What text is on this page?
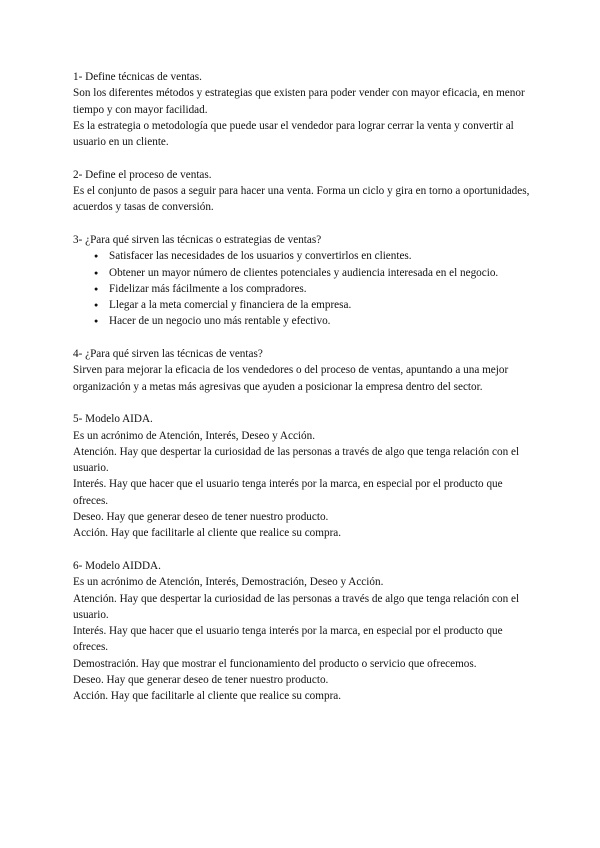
1- Define técnicas de ventas.
Son los diferentes métodos y estrategias que existen para poder vender con mayor eficacia, en menor tiempo y con mayor facilidad.
Es la estrategia o metodología que puede usar el vendedor para lograr cerrar la venta y convertir al usuario en un cliente.
2- Define el proceso de ventas.
Es el conjunto de pasos a seguir para hacer una venta. Forma un ciclo y gira en torno a oportunidades, acuerdos y tasas de conversión.
3- ¿Para qué sirven las técnicas o estrategias de ventas?
● Satisfacer las necesidades de los usuarios y convertirlos en clientes.
● Obtener un mayor número de clientes potenciales y audiencia interesada en el negocio.
● Fidelizar más fácilmente a los compradores.
● Llegar a la meta comercial y financiera de la empresa.
● Hacer de un negocio uno más rentable y efectivo.
4- ¿Para qué sirven las técnicas de ventas?
Sirven para mejorar la eficacia de los vendedores o del proceso de ventas, apuntando a una mejor organización y a metas más agresivas que ayuden a posicionar la empresa dentro del sector.
5- Modelo AIDA.
Es un acrónimo de Atención, Interés, Deseo y Acción.
Atención. Hay que despertar la curiosidad de las personas a través de algo que tenga relación con el usuario.
Interés. Hay que hacer que el usuario tenga interés por la marca, en especial por el producto que ofreces.
Deseo. Hay que generar deseo de tener nuestro producto.
Acción. Hay que facilitarle al cliente que realice su compra.
6- Modelo AIDDA.
Es un acrónimo de Atención, Interés, Demostración, Deseo y Acción.
Atención. Hay que despertar la curiosidad de las personas a través de algo que tenga relación con el usuario.
Interés. Hay que hacer que el usuario tenga interés por la marca, en especial por el producto que ofreces.
Demostración. Hay que mostrar el funcionamiento del producto o servicio que ofrecemos.
Deseo. Hay que generar deseo de tener nuestro producto.
Acción. Hay que facilitarle al cliente que realice su compra.
